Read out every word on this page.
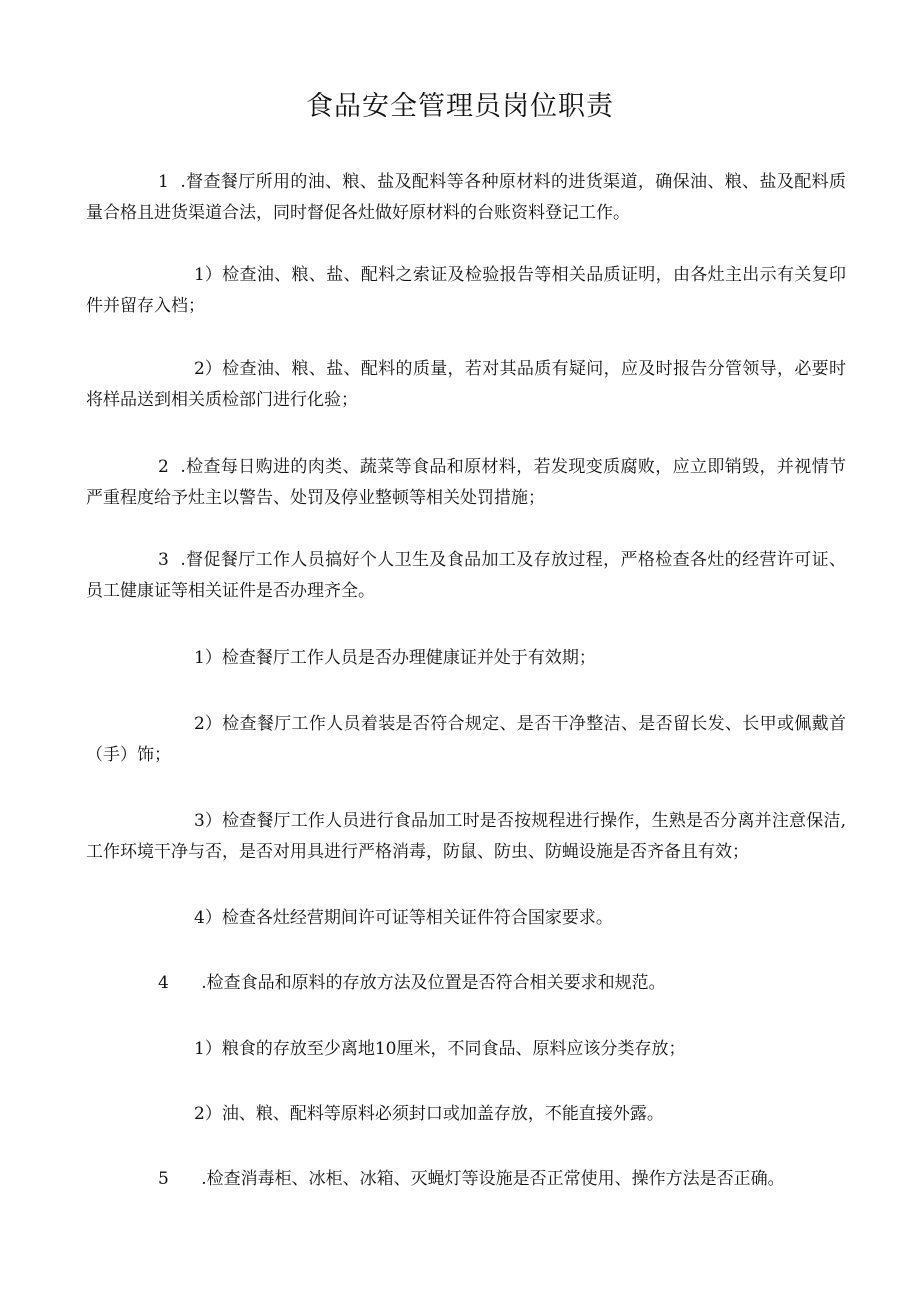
食品安全管理员岗位职责

1 .督查餐厅所用的油、粮、盐及配料等各种原材料的进货渠道，确保油、粮、盐及配料质量合格且进货渠道合法，同时督促各灶做好原材料的台账资料登记工作。

1）检查油、粮、盐、配料之索证及检验报告等相关品质证明，由各灶主出示有关复印件并留存入档；

2）检查油、粮、盐、配料的质量，若对其品质有疑问，应及时报告分管领导，必要时将样品送到相关质检部门进行化验；

2 .检查每日购进的肉类、蔬菜等食品和原材料，若发现变质腐败，应立即销毁，并视情节严重程度给予灶主以警告、处罚及停业整顿等相关处罚措施；

3 .督促餐厅工作人员搞好个人卫生及食品加工及存放过程，严格检查各灶的经营许可证、员工健康证等相关证件是否办理齐全。

1）检查餐厅工作人员是否办理健康证并处于有效期；

2）检查餐厅工作人员着装是否符合规定、是否干净整洁、是否留长发、长甲或佩戴首（手）饰；

3）检查餐厅工作人员进行食品加工时是否按规程进行操作，生熟是否分离并注意保洁,工作环境干净与否，是否对用具进行严格消毒，防鼠、防虫、防蝇设施是否齐备且有效；

4）检查各灶经营期间许可证等相关证件符合国家要求。

4 .检查食品和原料的存放方法及位置是否符合相关要求和规范。

1）粮食的存放至少离地10厘米，不同食品、原料应该分类存放；

2）油、粮、配料等原料必须封口或加盖存放，不能直接外露。

5 .检查消毒柜、冰柜、冰箱、灭蝇灯等设施是否正常使用、操作方法是否正确。
